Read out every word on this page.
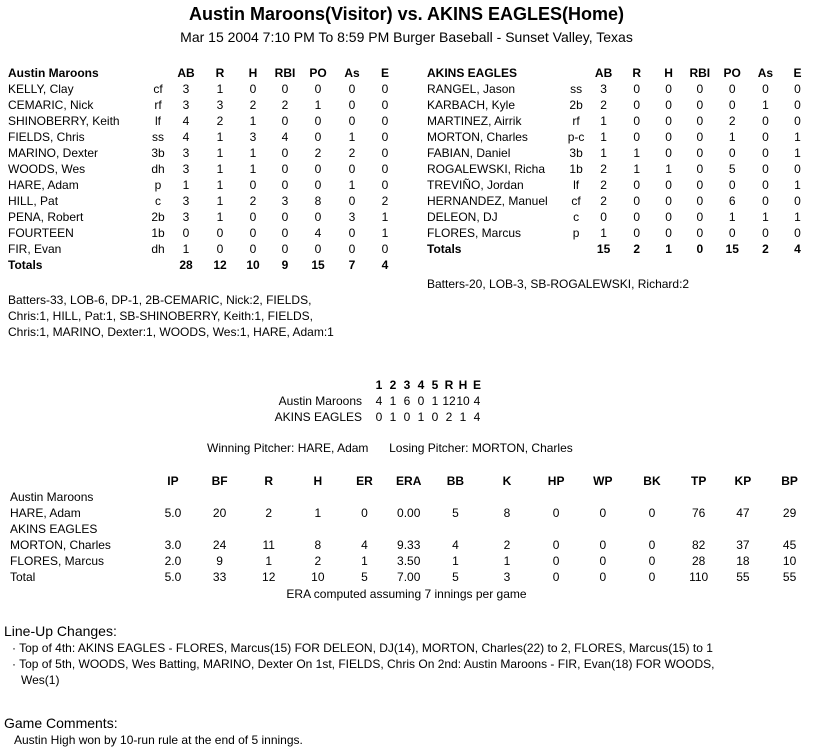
Austin Maroons(Visitor) vs. AKINS EAGLES(Home)
Mar 15 2004 7:10 PM To 8:59 PM Burger Baseball - Sunset Valley, Texas
Austin Maroons		AB	R	H	RBI	PO	As	E
KELLY, Clay	cf	3	1	0	0	0	0	0
CEMARIC, Nick	rf	3	3	2	2	1	0	0
SHINOBERRY, Keith	lf	4	2	1	0	0	0	0
FIELDS, Chris	ss	4	1	3	4	0	1	0
MARINO, Dexter	3b	3	1	1	0	2	2	0
WOODS, Wes	dh	3	1	1	0	0	0	0
HARE, Adam	p	1	1	0	0	0	1	0
HILL, Pat	c	3	1	2	3	8	0	2
PENA, Robert	2b	3	1	0	0	0	3	1
FOURTEEN	1b	0	0	0	0	4	0	1
FIR, Evan	dh	1	0	0	0	0	0	0
Totals		28	12	10	9	15	7	4
Batters-33, LOB-6, DP-1, 2B-CEMARIC, Nick:2, FIELDS,
Chris:1, HILL, Pat:1, SB-SHINOBERRY, Keith:1, FIELDS,
Chris:1, MARINO, Dexter:1, WOODS, Wes:1, HARE, Adam:1
AKINS EAGLES		AB	R	H	RBI	PO	As	E
RANGEL, Jason	ss	3	0	0	0	0	0	0
KARBACH, Kyle	2b	2	0	0	0	0	1	0
MARTINEZ, Airrik	rf	1	0	0	0	2	0	0
MORTON, Charles	p-c	1	0	0	0	1	0	1
FABIAN, Daniel	3b	1	1	0	0	0	0	1
ROGALEWSKI, Richa	1b	2	1	1	0	5	0	0
TREVIÑO, Jordan	lf	2	0	0	0	0	0	1
HERNANDEZ, Manuel	cf	2	0	0	0	6	0	0
DELEON, DJ	c	0	0	0	0	1	1	1
FLORES, Marcus	p	1	0	0	0	0	0	0
Totals		15	2	1	0	15	2	4
Batters-20, LOB-3, SB-ROGALEWSKI, Richard:2
	1	2	3	4	5	R	H	E
Austin Maroons	4	1	6	0	1	12	10	4
AKINS EAGLES	0	1	0	1	0	2	1	4
Winning Pitcher: HARE, Adam Losing Pitcher: MORTON, Charles
	IP	BF	R	H	ER	ERA	BB	K	HP	WP	BK	TP	KP	BP
Austin Maroons														
HARE, Adam	5.0	20	2	1	0	0.00	5	8	0	0	0	76	47	29
AKINS EAGLES														
MORTON, Charles	3.0	24	11	8	4	9.33	4	2	0	0	0	82	37	45
FLORES, Marcus	2.0	9	1	2	1	3.50	1	1	0	0	0	28	18	10
Total	5.0	33	12	10	5	7.00	5	3	0	0	0	110	55	55
ERA computed assuming 7 innings per game
Line-Up Changes:
· Top of 4th: AKINS EAGLES - FLORES, Marcus(15) FOR DELEON, DJ(14), MORTON, Charles(22) to 2, FLORES, Marcus(15) to 1
· Top of 5th, WOODS, Wes Batting, MARINO, Dexter On 1st, FIELDS, Chris On 2nd: Austin Maroons - FIR, Evan(18) FOR WOODS,
Wes(1)
Game Comments:
Austin High won by 10-run rule at the end of 5 innings.
